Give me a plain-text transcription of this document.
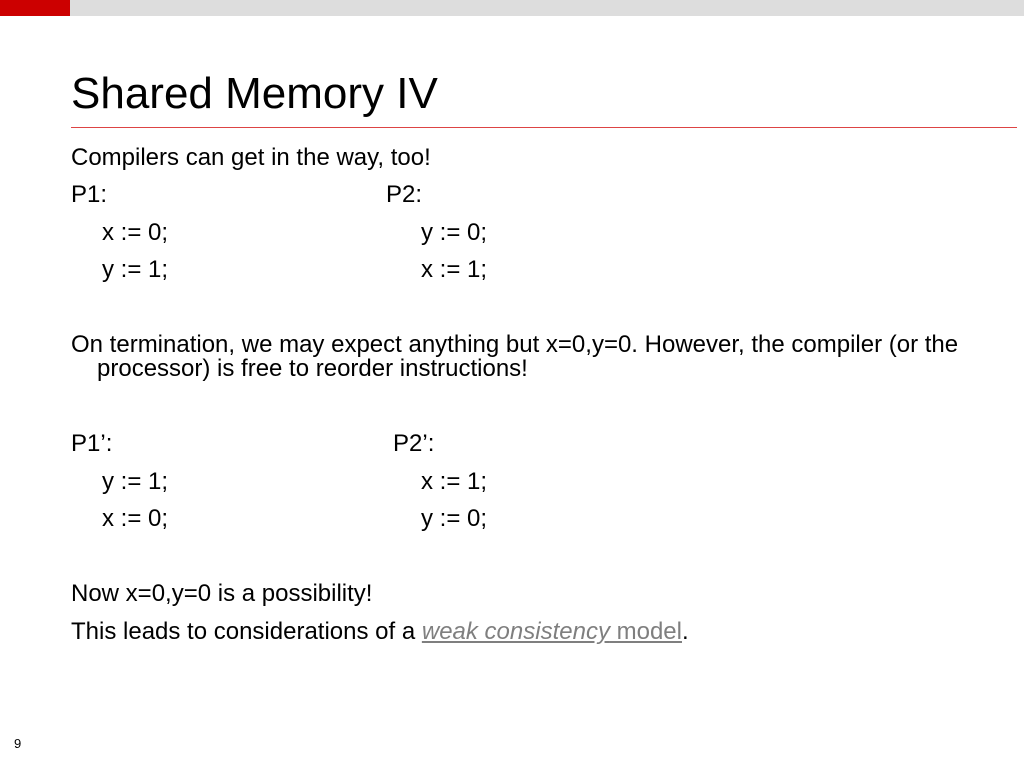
Shared Memory IV
Compilers can get in the way, too!
P1:	P2:
x := 0;	y := 0;
y := 1;	x := 1;
On termination, we may expect anything but x=0,y=0. However, the compiler (or the processor) is free to reorder instructions!
P1’:	P2’:
y := 1;	x := 1;
x := 0;	y := 0;
Now x=0,y=0 is a possibility!
This leads to considerations of a weak consistency model.
9
